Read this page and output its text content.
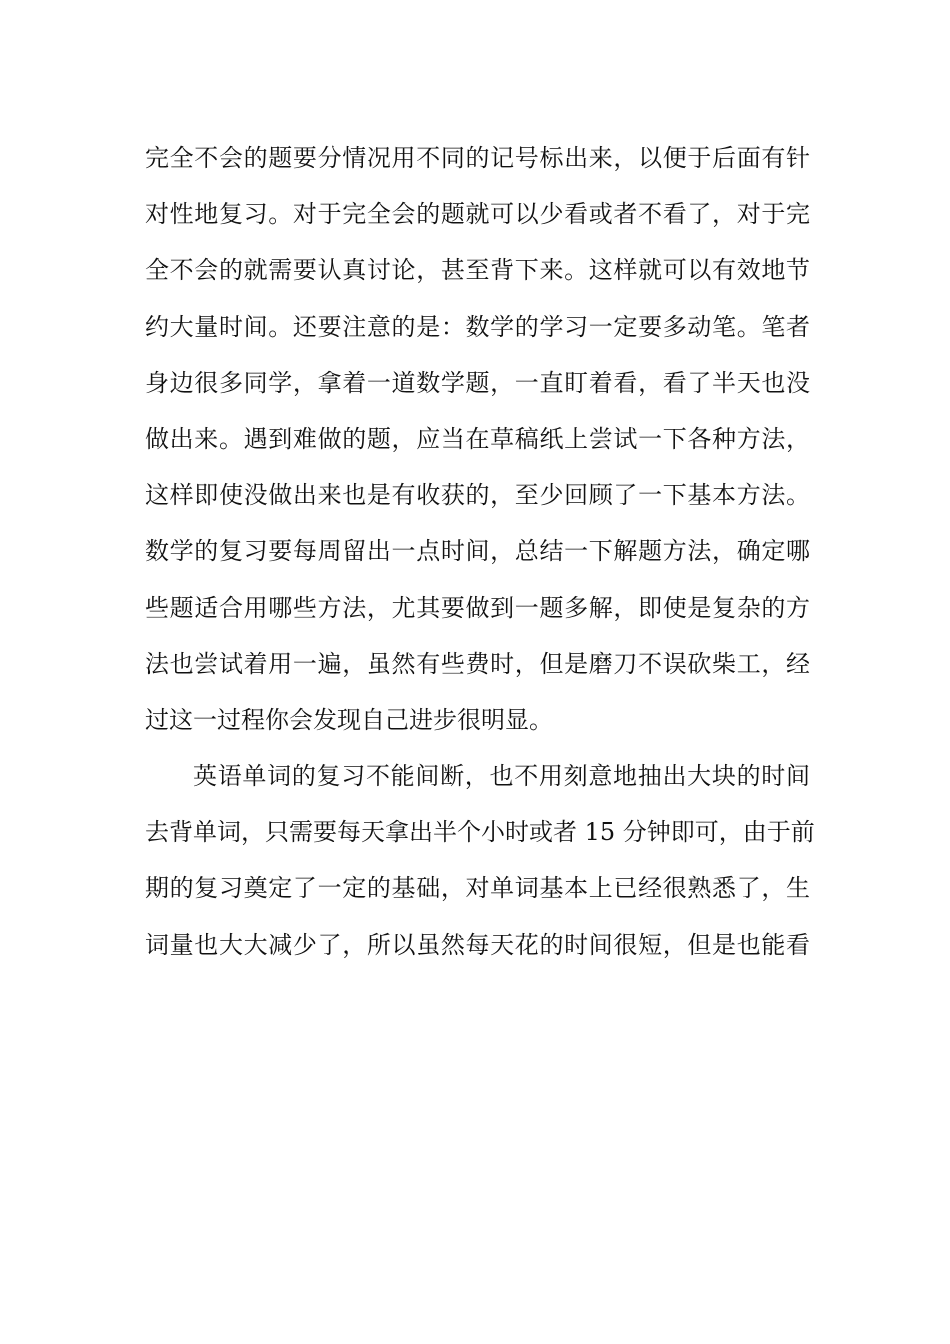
完全不会的题要分情况用不同的记号标出来，以便于后面有针
对性地复习。对于完全会的题就可以少看或者不看了，对于完
全不会的就需要认真讨论，甚至背下来。这样就可以有效地节
约大量时间。还要注意的是：数学的学习一定要多动笔。笔者
身边很多同学，拿着一道数学题，一直盯着看，看了半天也没
做出来。遇到难做的题，应当在草稿纸上尝试一下各种方法，
这样即使没做出来也是有收获的，至少回顾了一下基本方法。
数学的复习要每周留出一点时间，总结一下解题方法，确定哪
些题适合用哪些方法，尤其要做到一题多解，即使是复杂的方
法也尝试着用一遍，虽然有些费时，但是磨刀不误砍柴工，经
过这一过程你会发现自己进步很明显。
英语单词的复习不能间断，也不用刻意地抽出大块的时间
去背单词，只需要每天拿出半个小时或者 15 分钟即可，由于前
期的复习奠定了一定的基础，对单词基本上已经很熟悉了，生
词量也大大减少了，所以虽然每天花的时间很短，但是也能看
